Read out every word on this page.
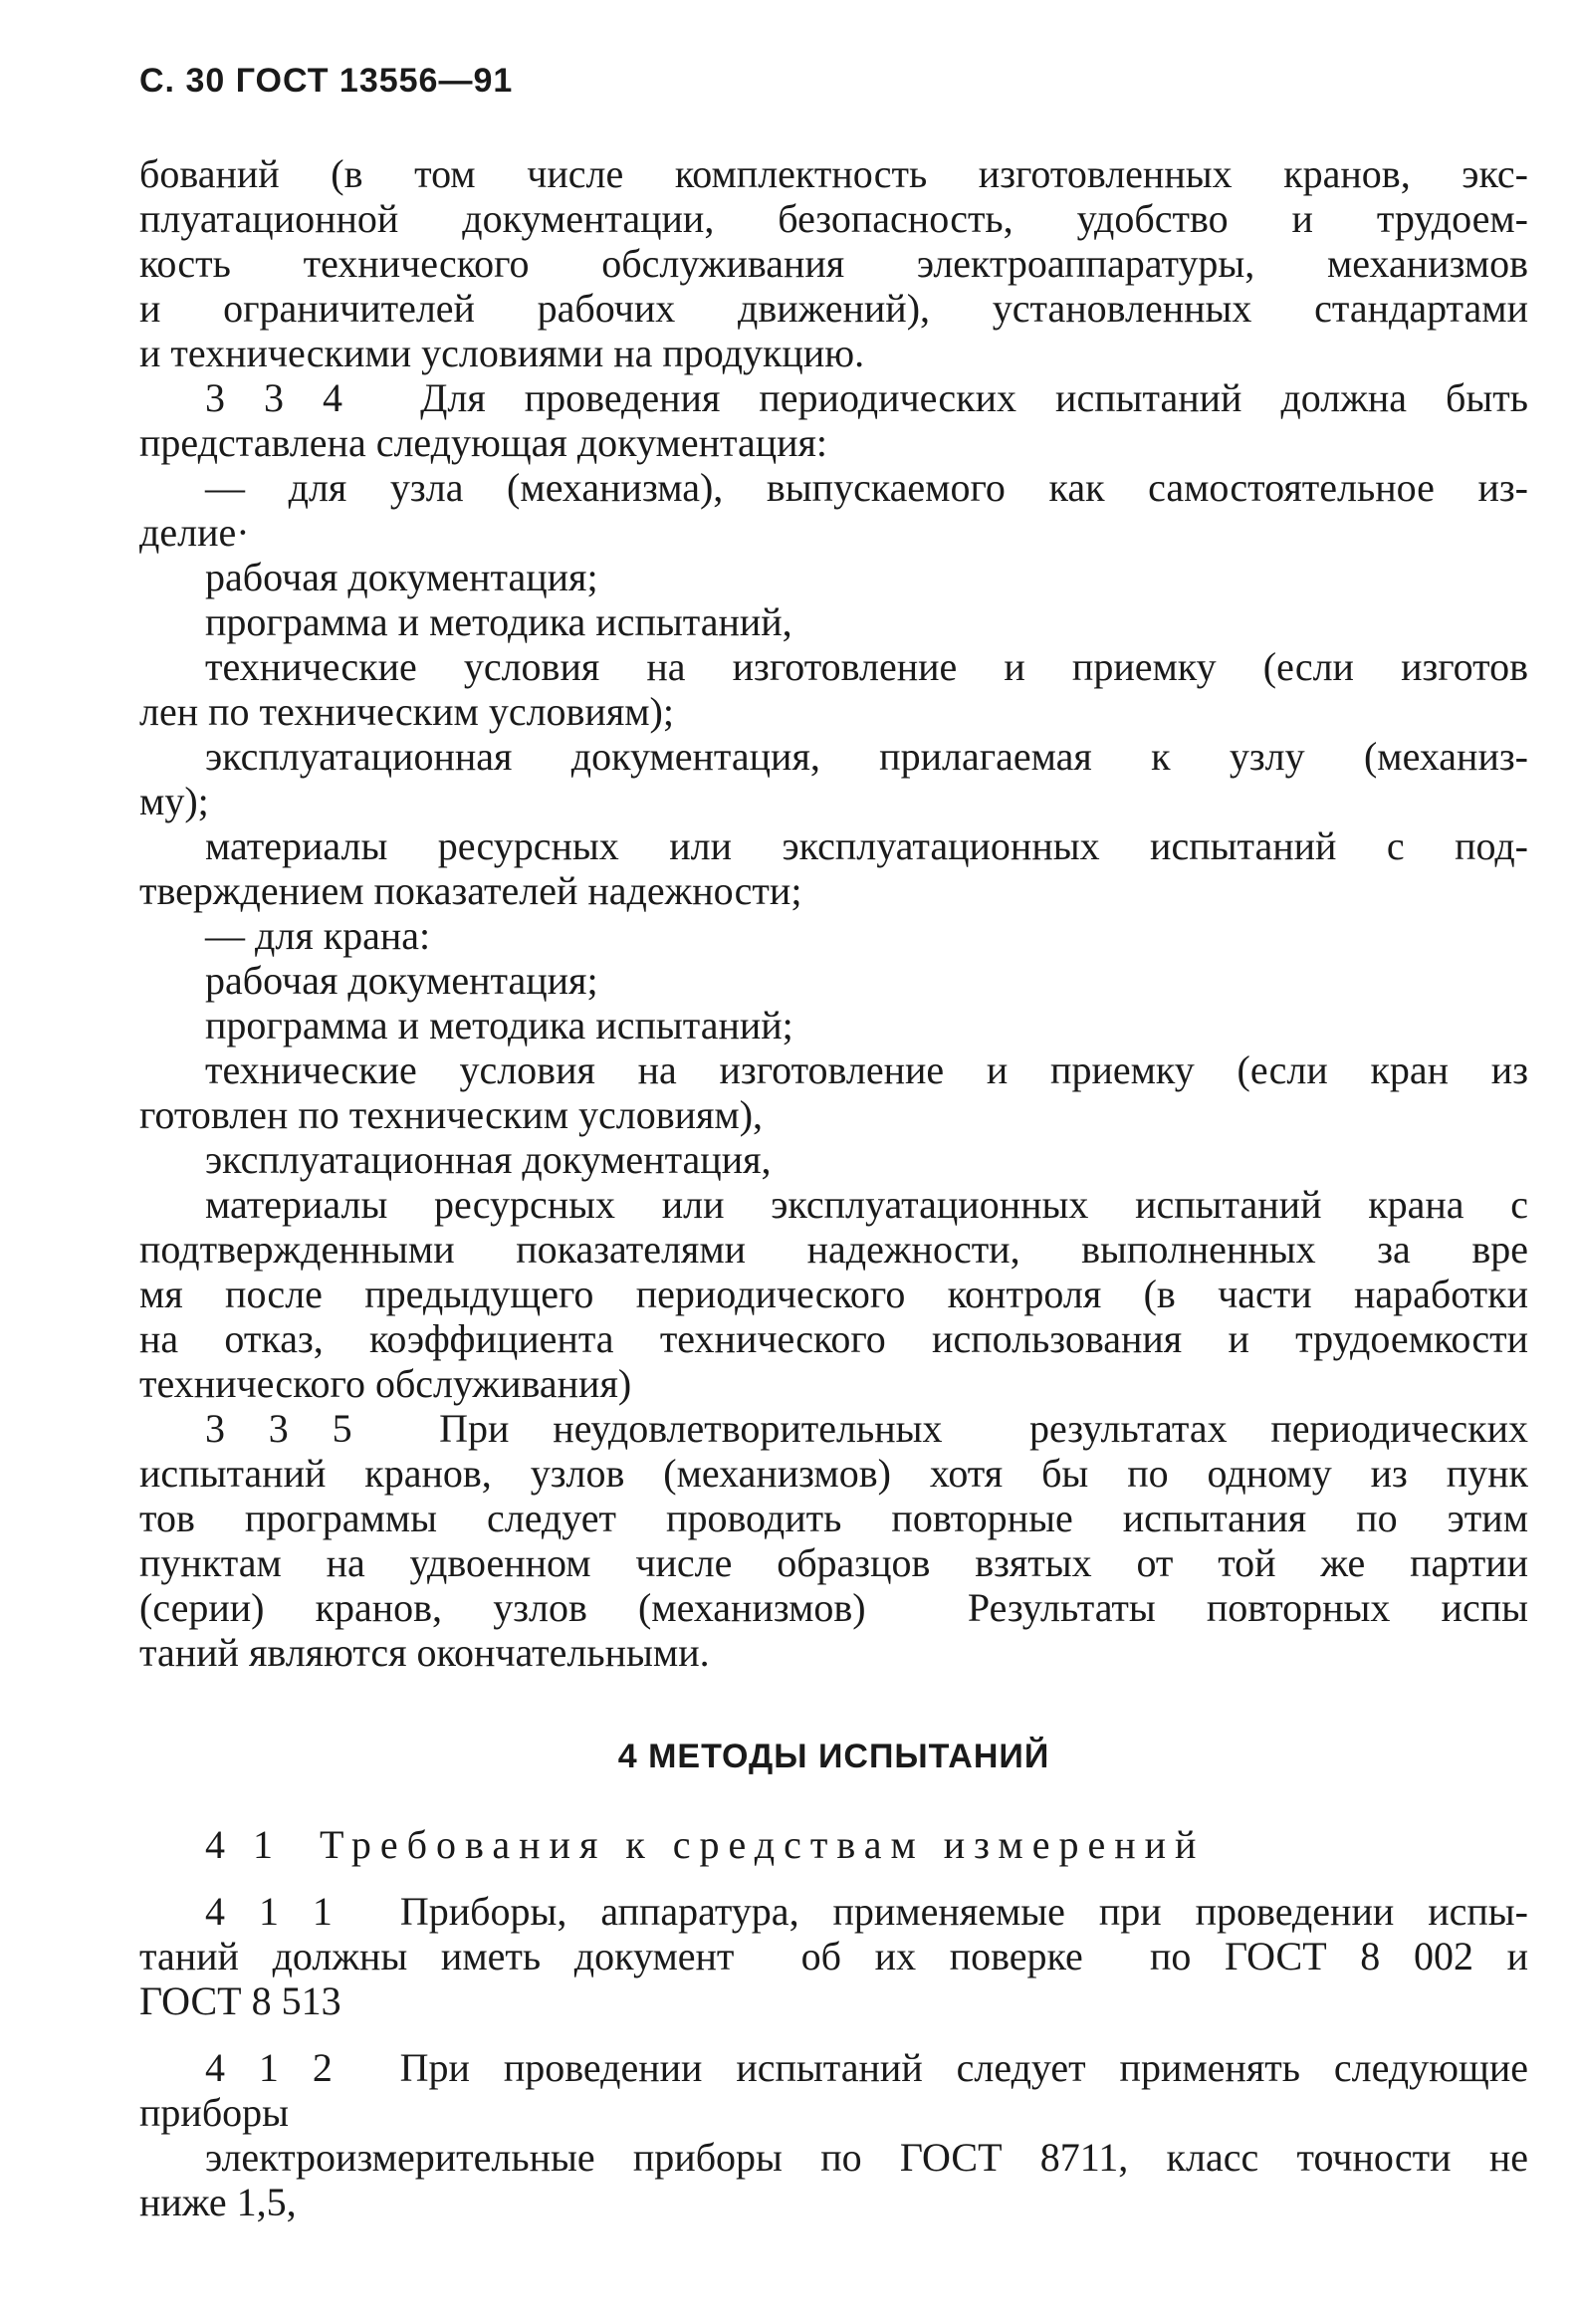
С. 30 ГОСТ 13556—91
бований (в том числе комплектность изготовленных кранов, экс-
плуатационной документации, безопасность, удобство и трудоем-
кость технического обслуживания электроаппаратуры, механизмов
и ограничителей рабочих движений), установленных стандартами
и техническими условиями на продукцию.
3 3 4  Для проведения периодических испытаний должна быть
представлена следующая документация:
— для узла (механизма), выпускаемого как самостоятельное из-
делие·
рабочая документация;
программа и методика испытаний,
технические условия на изготовление и приемку (если изготов
лен по техническим условиям);
эксплуатационная документация, прилагаемая к узлу (механиз-
му);
материалы ресурсных или эксплуатационных испытаний с под-
тверждением показателей надежности;
— для крана:
рабочая документация;
программа и методика испытаний;
технические условия на изготовление и приемку (если кран из
готовлен по техническим условиям),
эксплуатационная документация,
материалы ресурсных или эксплуатационных испытаний крана с
подтвержденными показателями надежности, выполненных за вре
мя после предыдущего периодического контроля (в части наработки
на отказ, коэффициента технического использования и трудоемкости
технического обслуживания)
3 3 5  При неудовлетворительных  результатах периодических
испытаний кранов, узлов (механизмов) хотя бы по одному из пунк
тов программы следует проводить повторные испытания по этим
пунктам на удвоенном числе образцов взятых от той же партии
(серии) кранов, узлов (механизмов)  Результаты повторных испы
таний являются окончательными.
4 МЕТОДЫ ИСПЫТАНИЙ
4 1  Требования к средствам измерений
4 1 1  Приборы, аппаратура, применяемые при проведении испы-
таний должны иметь документ  об их поверке  по ГОСТ 8 002 и
ГОСТ 8 513
4 1 2  При проведении испытаний следует применять следующие
приборы
электроизмерительные приборы по ГОСТ 8711, класс точности не
ниже 1,5,
